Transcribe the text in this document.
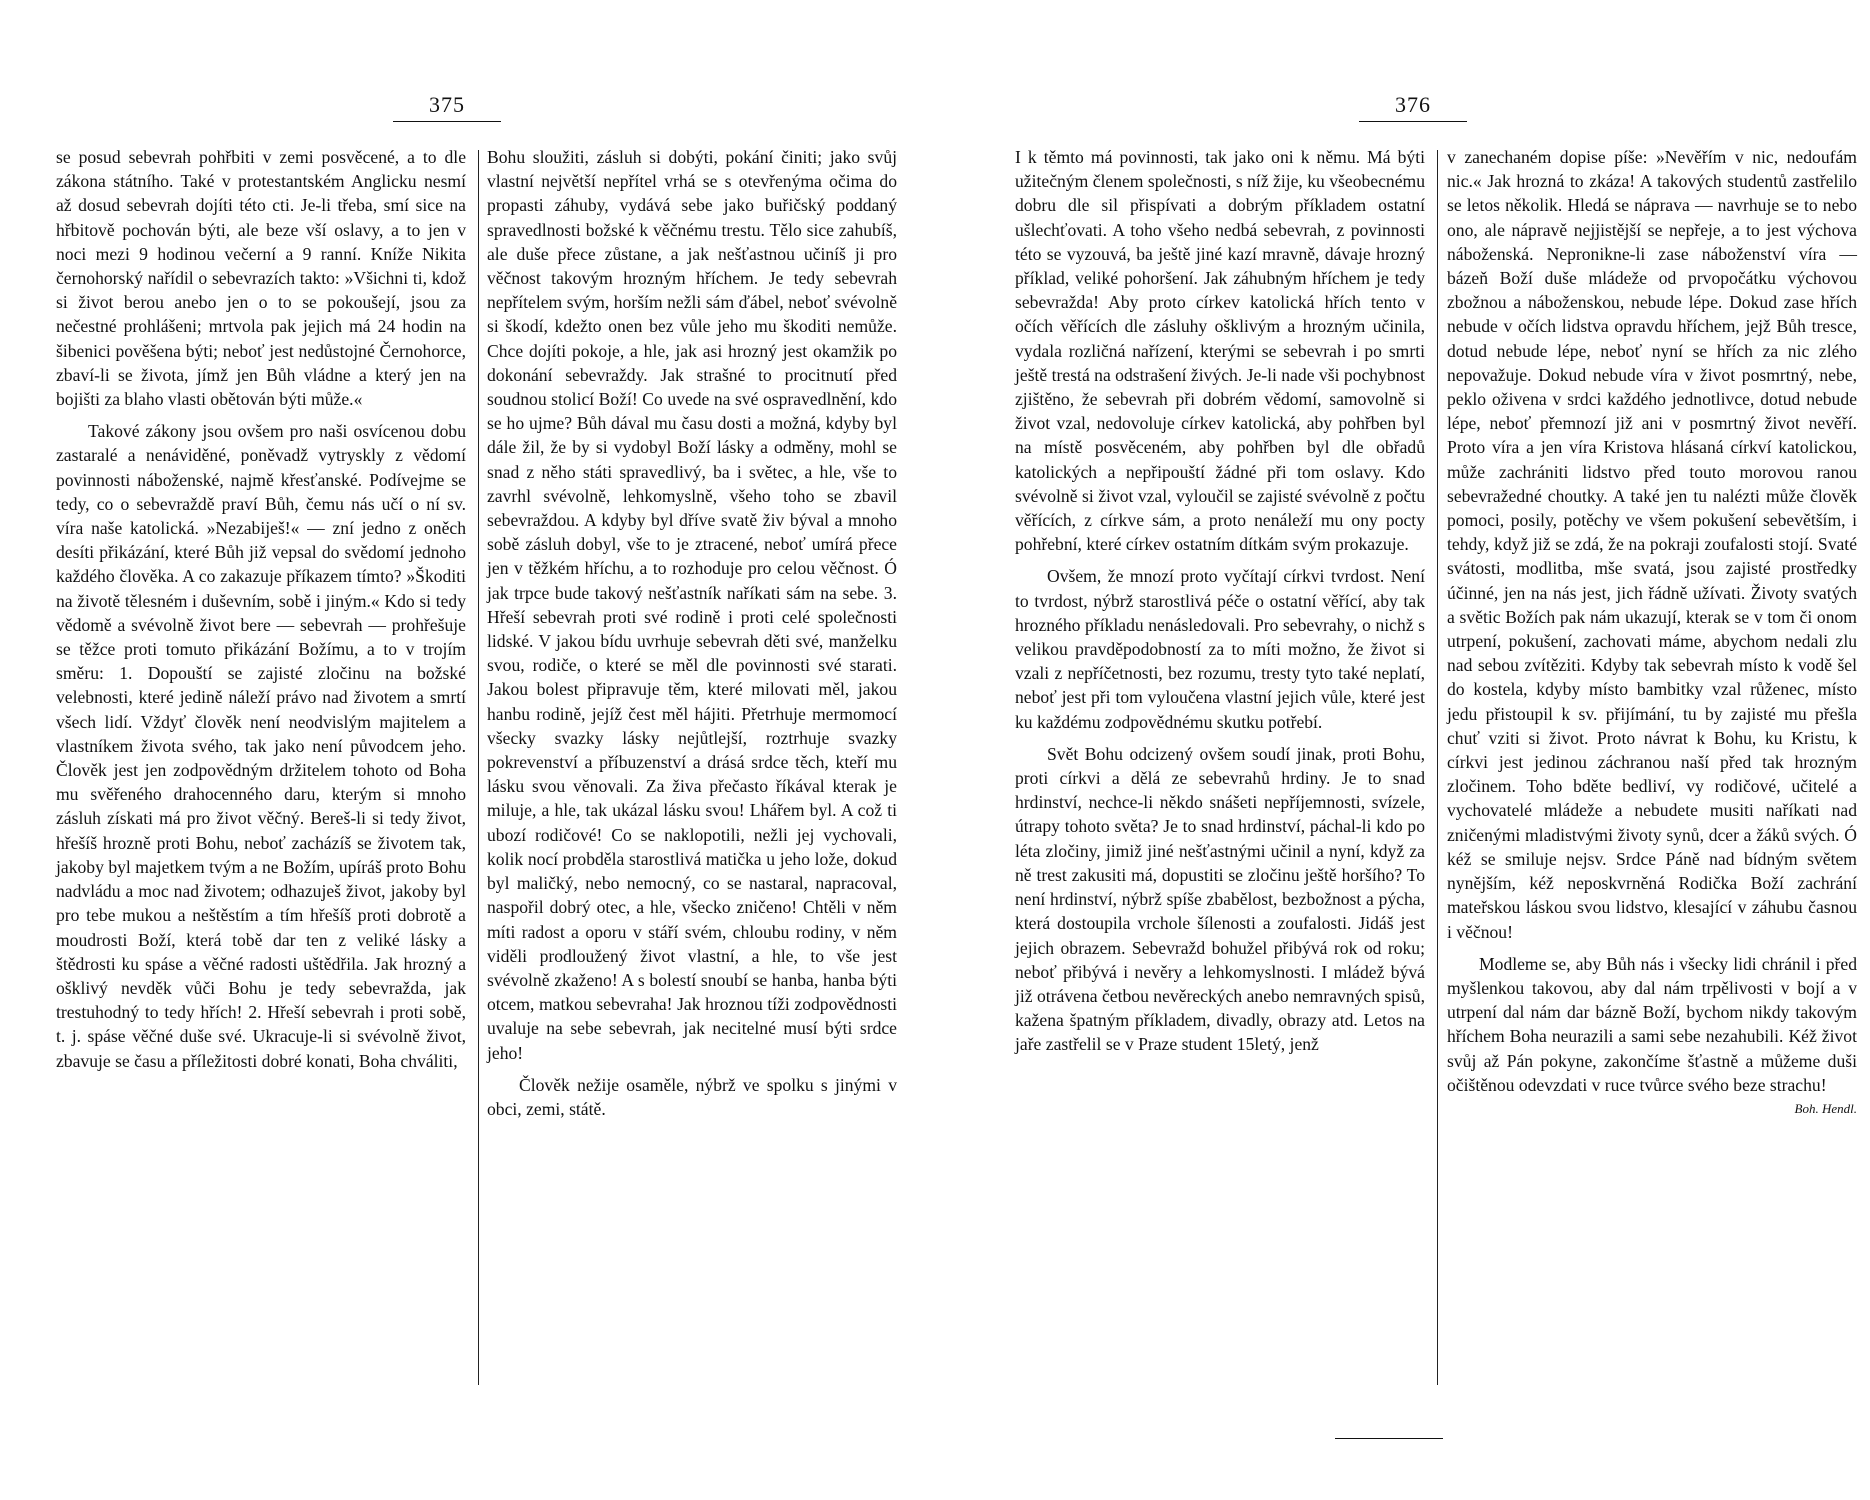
375

se posud sebevrah pohřbiti v zemi posvěcené, a to dle zákona státního. Také v protestantském Anglicku nesmí až dosud sebevrah dojíti této cti. Je-li třeba, smí sice na hřbitově pochován býti, ale beze vší oslavy, a to jen v noci mezi 9 hodinou večerní a 9 ranní. Kníže Nikita černohorský nařídil o sebevrazích takto: »Všichni ti, kdož si život berou anebo jen o to se pokoušejí, jsou za nečestné prohlášeni; mrtvola pak jejich má 24 hodin na šibenici pověšena býti; neboť jest nedůstojné Černohorce, zbaví-li se života, jímž jen Bůh vládne a který jen na bojišti za blaho vlasti obětován býti může.«

Takové zákony jsou ovšem pro naši osvícenou dobu zastaralé a nenáviděné, poněvadž vytryskly z vědomí povinnosti náboženské, najmě křesťanské. Podívejme se tedy, co o sebevraždě praví Bůh, čemu nás učí o ní sv. víra naše katolická. »Nezabiješ!« — zní jedno z oněch desíti přikázání, které Bůh již vepsal do svědomí jednoho každého člověka. A co zakazuje příkazem tímto? »Škoditi na životě tělesném i duševním, sobě i jiným.« Kdo si tedy vědomě a svévolně život bere — sebevrah — prohřešuje se těžce proti tomuto přikázání Božímu, a to v trojím směru: 1. Dopouští se zajisté zločinu na božské velebnosti, které jedině náleží právo nad životem a smrtí všech lidí. Vždyť člověk není neodvislým majitelem a vlastníkem života svého, tak jako není původcem jeho. Člověk jest jen zodpovědným držitelem tohoto od Boha mu svěřeného drahocenného daru, kterým si mnoho zásluh získati má pro život věčný. Bereš-li si tedy život, hřešíš hrozně proti Bohu, neboť zacházíš se životem tak, jakoby byl majetkem tvým a ne Božím, upíráš proto Bohu nadvládu a moc nad životem; odhazuješ život, jakoby byl pro tebe mukou a neštěstím a tím hřešíš proti dobrotě a moudrosti Boží, která tobě dar ten z veliké lásky a štědrosti ku spáse a věčné radosti uštědřila. Jak hrozný a ošklivý nevděk vůči Bohu je tedy sebevražda, jak trestuhodný to tedy hřích! 2. Hřeší sebevrah i proti sobě, t. j. spáse věčné duše své. Ukracuje-li si svévolně život, zbavuje se času a příležitosti dobré konati, Boha chváliti,

Bohu sloužiti, zásluh si dobýti, pokání činiti; jako svůj vlastní největší nepřítel vrhá se s otevřenýma očima do propasti záhuby, vydává sebe jako buřičský poddaný spravedlnosti božské k věčnému trestu. Tělo sice zahubíš, ale duše přece zůstane, a jak nešťastnou učiníš ji pro věčnost takovým hrozným hříchem. Je tedy sebevrah nepřítelem svým, horším nežli sám ďábel, neboť svévolně si škodí, kdežto onen bez vůle jeho mu škoditi nemůže. Chce dojíti pokoje, a hle, jak asi hrozný jest okamžik po dokonání sebevraždy. Jak strašné to procitnutí před soudnou stolicí Boží! Co uvede na své ospravedlnění, kdo se ho ujme? Bůh dával mu času dosti a možná, kdyby byl dále žil, že by si vydobyl Boží lásky a odměny, mohl se snad z něho státi spravedlivý, ba i světec, a hle, vše to zavrhl svévolně, lehkomyslně, všeho toho se zbavil sebevraždou. A kdyby byl dříve svatě živ býval a mnoho sobě zásluh dobyl, vše to je ztracené, neboť umírá přece jen v těžkém hříchu, a to rozhoduje pro celou věčnost. Ó jak trpce bude takový nešťastník naříkati sám na sebe. 3. Hřeší sebevrah proti své rodině i proti celé společnosti lidské. V jakou bídu uvrhuje sebevrah děti své, manželku svou, rodiče, o které se měl dle povinnosti své starati. Jakou bolest připravuje těm, které milovati měl, jakou hanbu rodině, jejíž čest měl hájiti. Přetrhuje mermomocí všecky svazky lásky nejůtlejší, roztrhuje svazky pokrevenství a příbuzenství a drásá srdce těch, kteří mu lásku svou věnovali. Za živa přečasto říkával kterak je miluje, a hle, tak ukázal lásku svou! Lhářem byl. A což ti ubozí rodičové! Co se naklopotili, nežli jej vychovali, kolik nocí probděla starostlivá matička u jeho lože, dokud byl maličký, nebo nemocný, co se nastaral, napracoval, naspořil dobrý otec, a hle, všecko zničeno! Chtěli v něm míti radost a oporu v stáří svém, chloubu rodiny, v něm viděli prodloužený život vlastní, a hle, to vše jest svévolně zkaženo! A s bolestí snoubí se hanba, hanba býti otcem, matkou sebevraha! Jak hroznou tíži zodpovědnosti uvaluje na sebe sebevrah, jak necitelné musí býti srdce jeho!

Člověk nežije osaměle, nýbrž ve spolku s jinými v obci, zemi, státě.

376

I k těmto má povinnosti, tak jako oni k němu. Má býti užitečným členem společnosti, s níž žije, ku všeobecnému dobru dle sil přispívati a dobrým příkladem ostatní ušlechťovati. A toho všeho nedbá sebevrah, z povinnosti této se vyzouvá, ba ještě jiné kazí mravně, dávaje hrozný příklad, veliké pohoršení. Jak záhubným hříchem je tedy sebevražda! Aby proto církev katolická hřích tento v očích věřících dle zásluhy ošklivým a hrozným učinila, vydala rozličná nařízení, kterými se sebevrah i po smrti ještě trestá na odstrašení živých. Je-li nade vši pochybnost zjištěno, že sebevrah při dobrém vědomí, samovolně si život vzal, nedovoluje církev katolická, aby pohřben byl na místě posvěceném, aby pohřben byl dle obřadů katolických a nepřipouští žádné při tom oslavy. Kdo svévolně si život vzal, vyloučil se zajisté svévolně z počtu věřících, z církve sám, a proto nenáleží mu ony pocty pohřební, které církev ostatním dítkám svým prokazuje.

Ovšem, že mnozí proto vyčítají církvi tvrdost. Není to tvrdost, nýbrž starostlivá péče o ostatní věřící, aby tak hrozného příkladu nenásledovali. Pro sebevrahy, o nichž s velikou pravděpodobností za to míti možno, že život si vzali z nepříčetnosti, bez rozumu, tresty tyto také neplatí, neboť jest při tom vyloučena vlastní jejich vůle, které jest ku každému zodpovědnému skutku potřebí.

Svět Bohu odcizený ovšem soudí jinak, proti Bohu, proti církvi a dělá ze sebevrahů hrdiny. Je to snad hrdinství, nechce-li někdo snášeti nepříjemnosti, svízele, útrapy tohoto světa? Je to snad hrdinství, páchal-li kdo po léta zločiny, jimiž jiné nešťastnými učinil a nyní, když za ně trest zakusiti má, dopustiti se zločinu ještě horšího? To není hrdinství, nýbrž spíše zbabělost, bezbožnost a pýcha, která dostoupila vrchole šílenosti a zoufalosti. Jidáš jest jejich obrazem. Sebevražd bohužel přibývá rok od roku; neboť přibývá i nevěry a lehkomyslnosti. I mládež bývá již otrávena četbou nevěreckých anebo nemravných spisů, kažena špatným příkladem, divadly, obrazy atd. Letos na jaře zastřelil se v Praze student 15letý, jenž

v zanechaném dopise píše: »Nevěřím v nic, nedoufám nic.« Jak hrozná to zkáza! A takových studentů zastřelilo se letos několik. Hledá se náprava — navrhuje se to nebo ono, ale nápravě nejjistější se nepřeje, a to jest výchova náboženská. Nepronikne-li zase náboženství víra — bázeň Boží duše mládeže od prvopočátku výchovou zbožnou a náboženskou, nebude lépe. Dokud zase hřích nebude v očích lidstva opravdu hříchem, jejž Bůh tresce, dotud nebude lépe, neboť nyní se hřích za nic zlého nepovažuje. Dokud nebude víra v život posmrtný, nebe, peklo oživena v srdci každého jednotlivce, dotud nebude lépe, neboť přemnozí již ani v posmrtný život nevěří. Proto víra a jen víra Kristova hlásaná církví katolickou, může zachrániti lidstvo před touto morovou ranou sebevražedné choutky. A také jen tu nalézti může člověk pomoci, posily, potěchy ve všem pokušení sebevětším, i tehdy, když již se zdá, že na pokraji zoufalosti stojí. Svaté svátosti, modlitba, mše svatá, jsou zajisté prostředky účinné, jen na nás jest, jich řádně užívati. Životy svatých a světic Božích pak nám ukazují, kterak se v tom či onom utrpení, pokušení, zachovati máme, abychom nedali zlu nad sebou zvítěziti. Kdyby tak sebevrah místo k vodě šel do kostela, kdyby místo bambitky vzal růženec, místo jedu přistoupil k sv. přijímání, tu by zajisté mu přešla chuť vziti si život. Proto návrat k Bohu, ku Kristu, k církvi jest jedinou záchranou naší před tak hrozným zločinem. Toho bděte bedliví, vy rodičové, učitelé a vychovatelé mládeže a nebudete musiti naříkati nad zničenými mladistvými životy synů, dcer a žáků svých. Ó kéž se smiluje nejsv. Srdce Páně nad bídným světem nynějším, kéž neposkvrněná Rodička Boží zachrání mateřskou láskou svou lidstvo, klesající v záhubu časnou i věčnou!

Modleme se, aby Bůh nás i všecky lidi chránil i před myšlenkou takovou, aby dal nám trpělivosti v bojí a v utrpení dal nám dar bázně Boží, bychom nikdy takovým hříchem Boha neurazili a sami sebe nezahubili. Kéž život svůj až Pán pokyne, zakončíme šťastně a můžeme duši očištěnou odevzdati v ruce tvůrce svého beze strachu!
Boh. Hendl.
